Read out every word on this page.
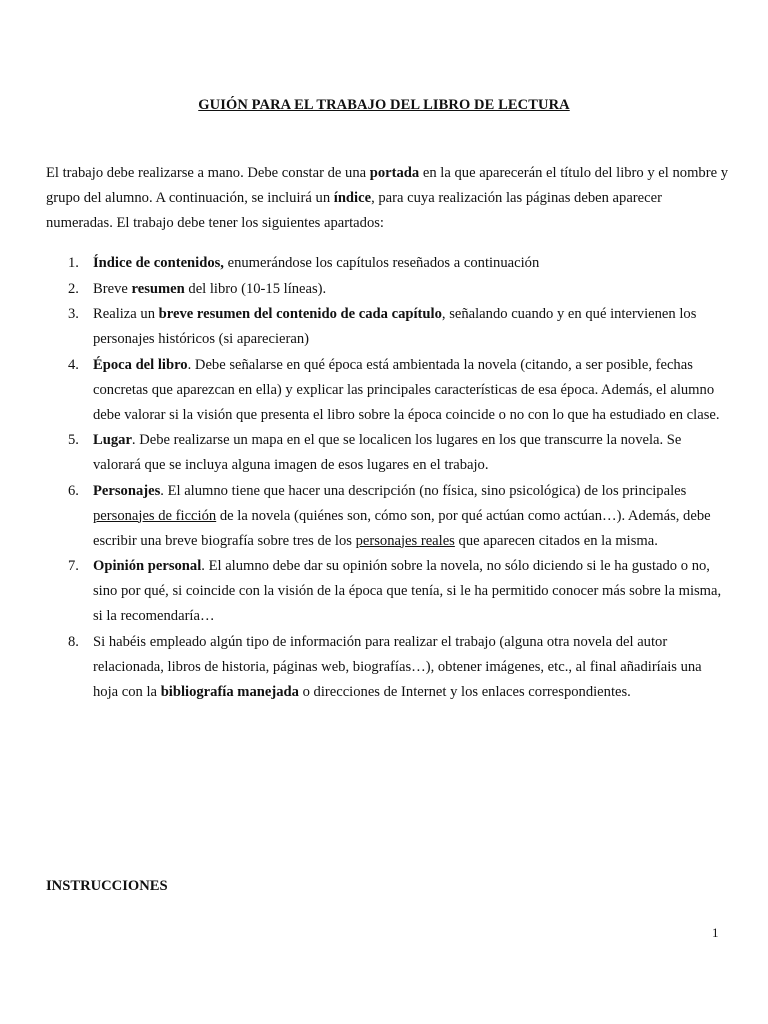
GUIÓN PARA EL TRABAJO DEL LIBRO DE LECTURA

El trabajo debe realizarse a mano. Debe constar de una portada en la que aparecerán el título del libro y el nombre y grupo del alumno. A continuación, se incluirá un índice, para cuya realización las páginas deben aparecer numeradas. El trabajo debe tener los siguientes apartados:

1. Índice de contenidos, enumerándose los capítulos reseñados a continuación
2. Breve resumen del libro (10-15 líneas).
3. Realiza un breve resumen del contenido de cada capítulo, señalando cuando y en qué intervienen los personajes históricos (si aparecieran)
4. Época del libro. Debe señalarse en qué época está ambientada la novela (citando, a ser posible, fechas concretas que aparezcan en ella) y explicar las principales características de esa época. Además, el alumno debe valorar si la visión que presenta el libro sobre la época coincide o no con lo que ha estudiado en clase.
5. Lugar. Debe realizarse un mapa en el que se localicen los lugares en los que transcurre la novela. Se valorará que se incluya alguna imagen de esos lugares en el trabajo.
6. Personajes. El alumno tiene que hacer una descripción (no física, sino psicológica) de los principales personajes de ficción de la novela (quiénes son, cómo son, por qué actúan como actúan…). Además, debe escribir una breve biografía sobre tres de los personajes reales que aparecen citados en la misma.
7. Opinión personal. El alumno debe dar su opinión sobre la novela, no sólo diciendo si le ha gustado o no, sino por qué, si coincide con la visión de la época que tenía, si le ha permitido conocer más sobre la misma, si la recomendaría…
8. Si habéis empleado algún tipo de información para realizar el trabajo (alguna otra novela del autor relacionada, libros de historia, páginas web, biografías…), obtener imágenes, etc., al final añadiríais una hoja con la bibliografía manejada o direcciones de Internet y los enlaces correspondientes.
INSTRUCCIONES
1
